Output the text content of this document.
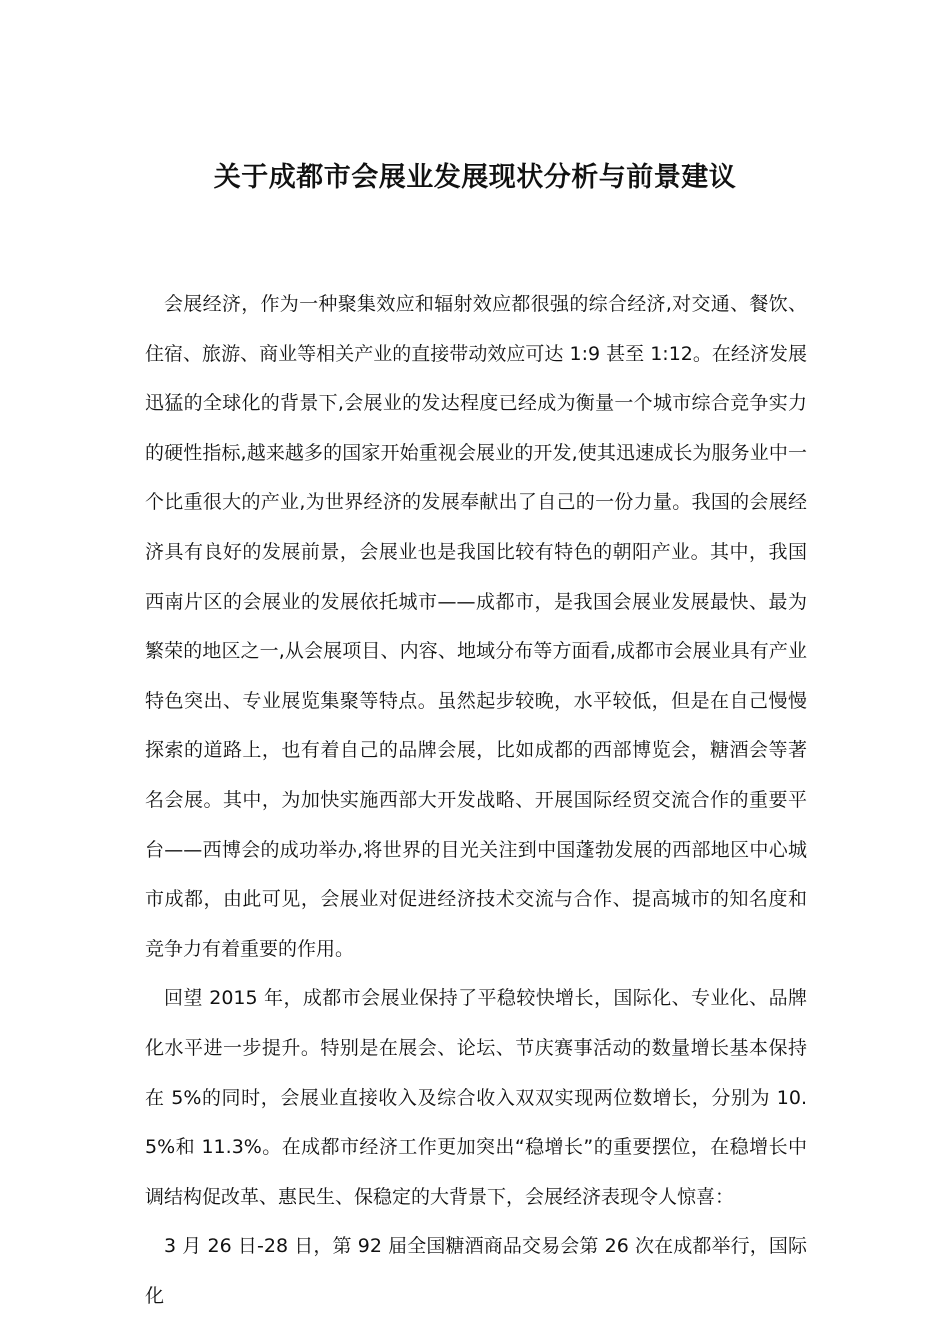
关于成都市会展业发展现状分析与前景建议

会展经济，作为一种聚集效应和辐射效应都很强的综合经济,对交通、餐饮、住宿、旅游、商业等相关产业的直接带动效应可达 1:9 甚至 1:12。在经济发展迅猛的全球化的背景下,会展业的发达程度已经成为衡量一个城市综合竞争实力的硬性指标,越来越多的国家开始重视会展业的开发,使其迅速成长为服务业中一个比重很大的产业,为世界经济的发展奉献出了自己的一份力量。我国的会展经济具有良好的发展前景，会展业也是我国比较有特色的朝阳产业。其中，我国西南片区的会展业的发展依托城市——成都市，是我国会展业发展最快、最为繁荣的地区之一,从会展项目、内容、地域分布等方面看,成都市会展业具有产业特色突出、专业展览集聚等特点。虽然起步较晚，水平较低，但是在自己慢慢探索的道路上，也有着自己的品牌会展，比如成都的西部博览会，糖酒会等著名会展。其中，为加快实施西部大开发战略、开展国际经贸交流合作的重要平台——西博会的成功举办,将世界的目光关注到中国蓬勃发展的西部地区中心城市成都，由此可见，会展业对促进经济技术交流与合作、提高城市的知名度和竞争力有着重要的作用。

回望 2015 年，成都市会展业保持了平稳较快增长，国际化、专业化、品牌化水平进一步提升。特别是在展会、论坛、节庆赛事活动的数量增长基本保持在 5%的同时，会展业直接收入及综合收入双双实现两位数增长，分别为 10.5%和 11.3%。在成都市经济工作更加突出“稳增长”的重要摆位，在稳增长中调结构促改革、惠民生、保稳定的大背景下，会展经济表现令人惊喜：

3 月 26 日-28 日，第 92 届全国糖酒商品交易会第 26 次在成都举行，国际化
